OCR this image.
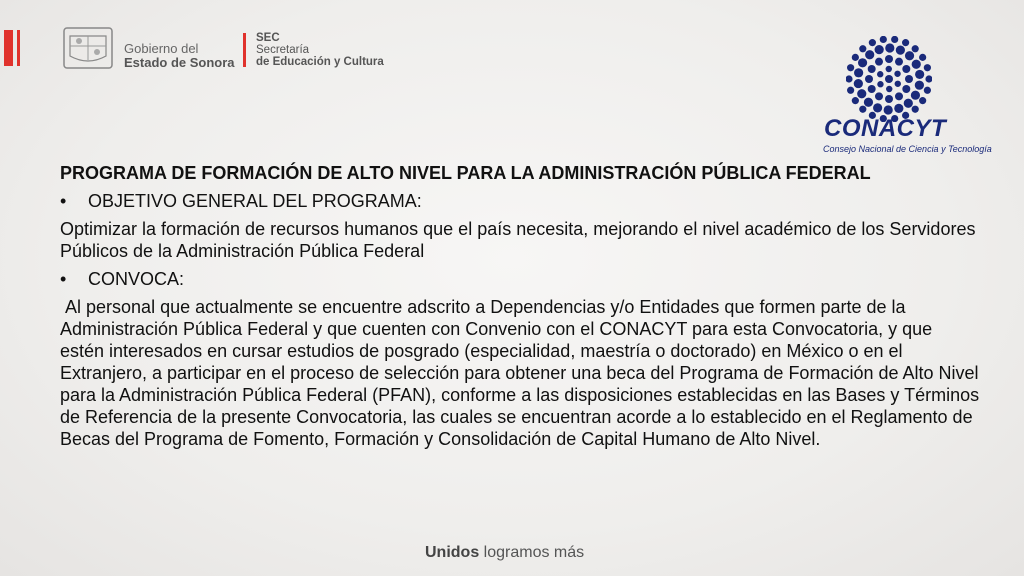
Gobierno del
Estado de Sonora
SEC
Secretaría
de Educación y Cultura
CONACYT
Consejo Nacional de Ciencia y Tecnología

PROGRAMA DE FORMACIÓN DE ALTO NIVEL PARA LA ADMINISTRACIÓN PÚBLICA FEDERAL

• OBJETIVO GENERAL DEL PROGRAMA:

Optimizar la formación de recursos humanos que el país necesita, mejorando el nivel académico de los Servidores Públicos de la Administración Pública Federal

• CONVOCA:

Al personal que actualmente se encuentre adscrito a Dependencias y/o Entidades que formen parte de la Administración Pública Federal y que cuenten con Convenio con el CONACYT para esta Convocatoria, y que estén interesados en cursar estudios de posgrado (especialidad, maestría o doctorado) en México o en el Extranjero, a participar en el proceso de selección para obtener una beca del Programa de Formación de Alto Nivel para la Administración Pública Federal (PFAN), conforme a las disposiciones establecidas en las Bases y Términos de Referencia de la presente Convocatoria, las cuales se encuentran acorde a lo establecido en el Reglamento de Becas del Programa de Fomento, Formación y Consolidación de Capital Humano de Alto Nivel.

Unidos logramos más
